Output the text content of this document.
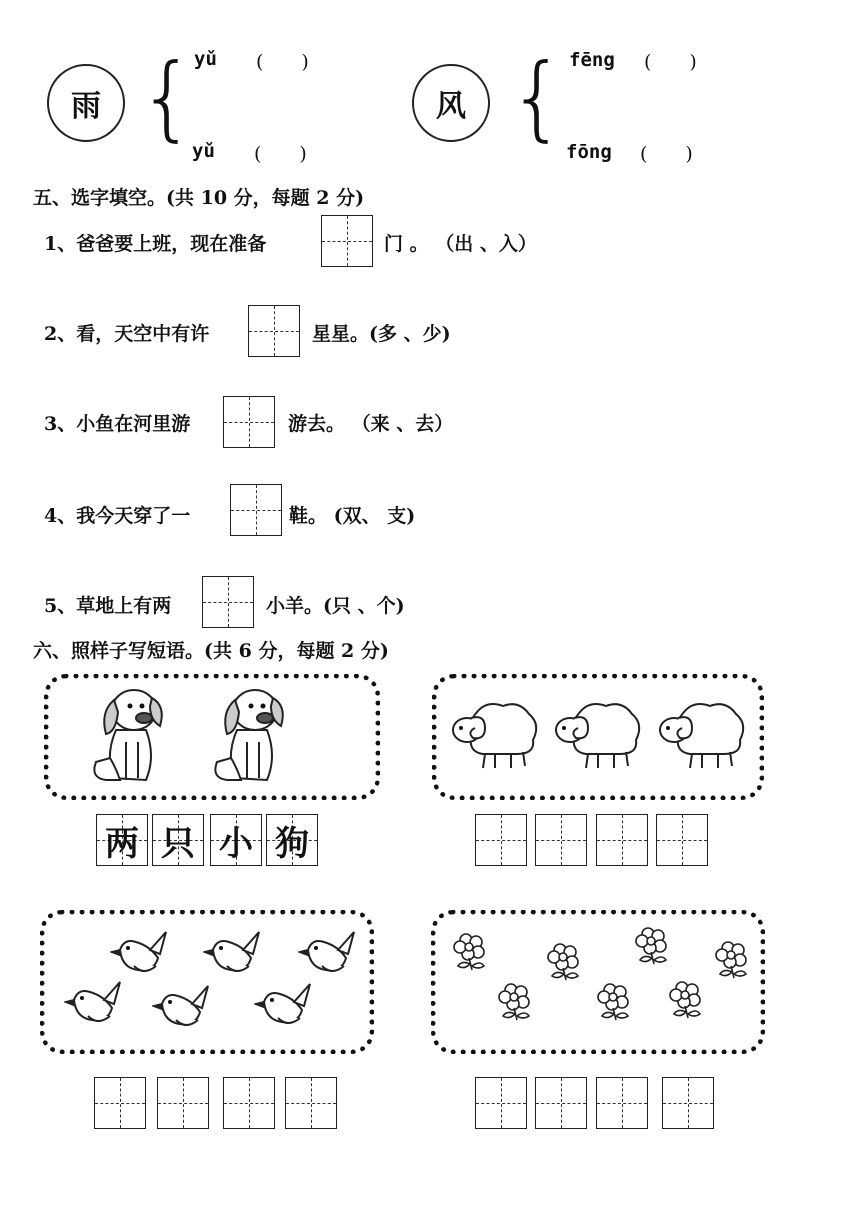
雨 {
yǔ (　　)
yǔ (　　)
风 { fēng (　　)
fōng (　　)
五、选字填空。(共 10 分，每题 2 分)
1、爸爸要上班，现在准备	门 。 （出 、入）
2、看，天空中有许	星星。(多 、少)
3、小鱼在河里游	游去。 （来 、去）
4、我今天穿了一	鞋。 (双、 支)
5、草地上有两	小羊。(只 、个)
六、照样子写短语。(共 6 分，每题 2 分)
两 只 小 狗
